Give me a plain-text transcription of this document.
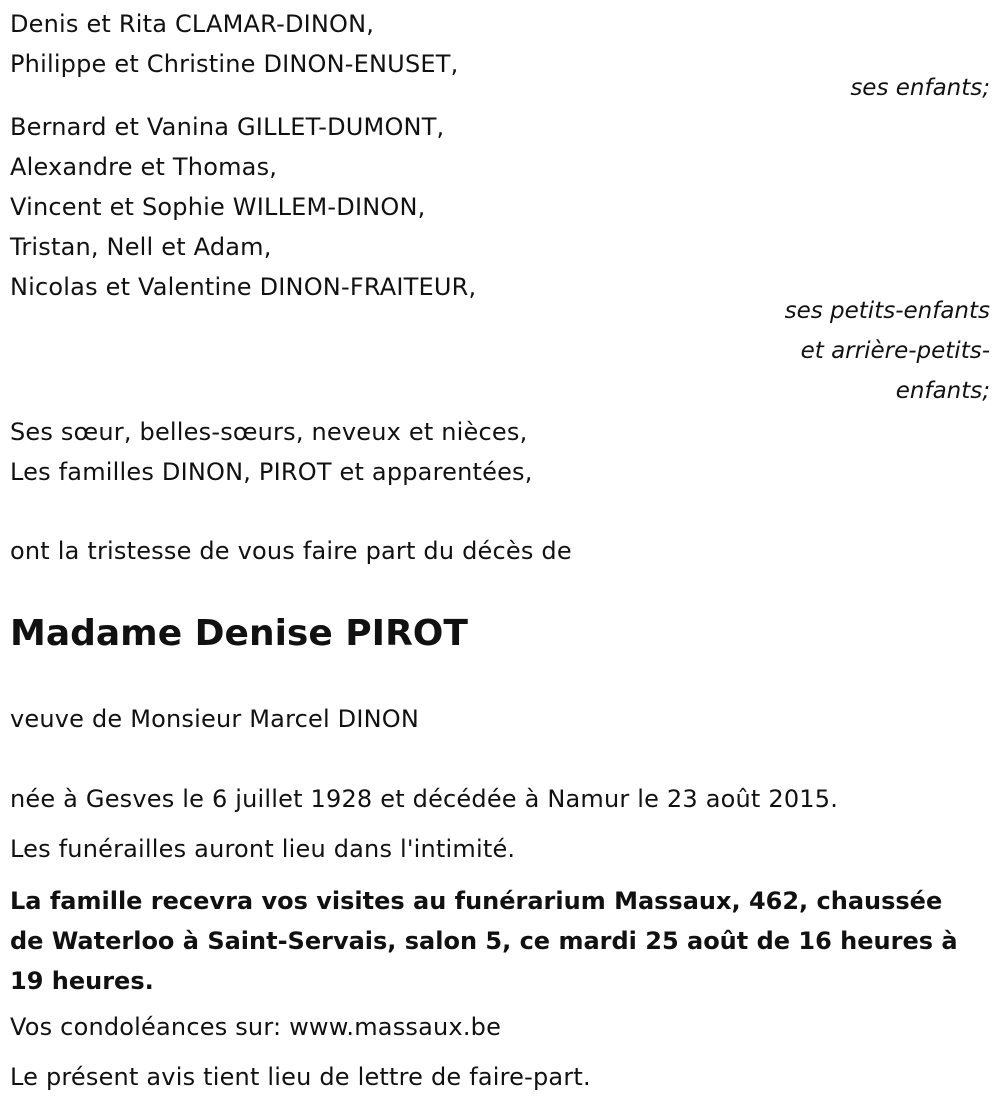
Denis et Rita CLAMAR-DINON,
Philippe et Christine DINON-ENUSET,
ses enfants;
Bernard et Vanina GILLET-DUMONT,
Alexandre et Thomas,
Vincent et Sophie WILLEM-DINON,
Tristan, Nell et Adam,
Nicolas et Valentine DINON-FRAITEUR,
ses petits-enfants
et arrière-petits-
enfants;
Ses sœur, belles-sœurs, neveux et nièces,
Les familles DINON, PIROT et apparentées,
ont la tristesse de vous faire part du décès de
Madame Denise PIROT
veuve de Monsieur Marcel DINON
née à Gesves le 6 juillet 1928 et décédée à Namur le 23 août 2015.
Les funérailles auront lieu dans l'intimité.
La famille recevra vos visites au funérarium Massaux, 462, chaussée
de Waterloo à Saint-Servais, salon 5, ce mardi 25 août de 16 heures à
19 heures.
Vos condoléances sur: www.massaux.be
Le présent avis tient lieu de lettre de faire-part.
